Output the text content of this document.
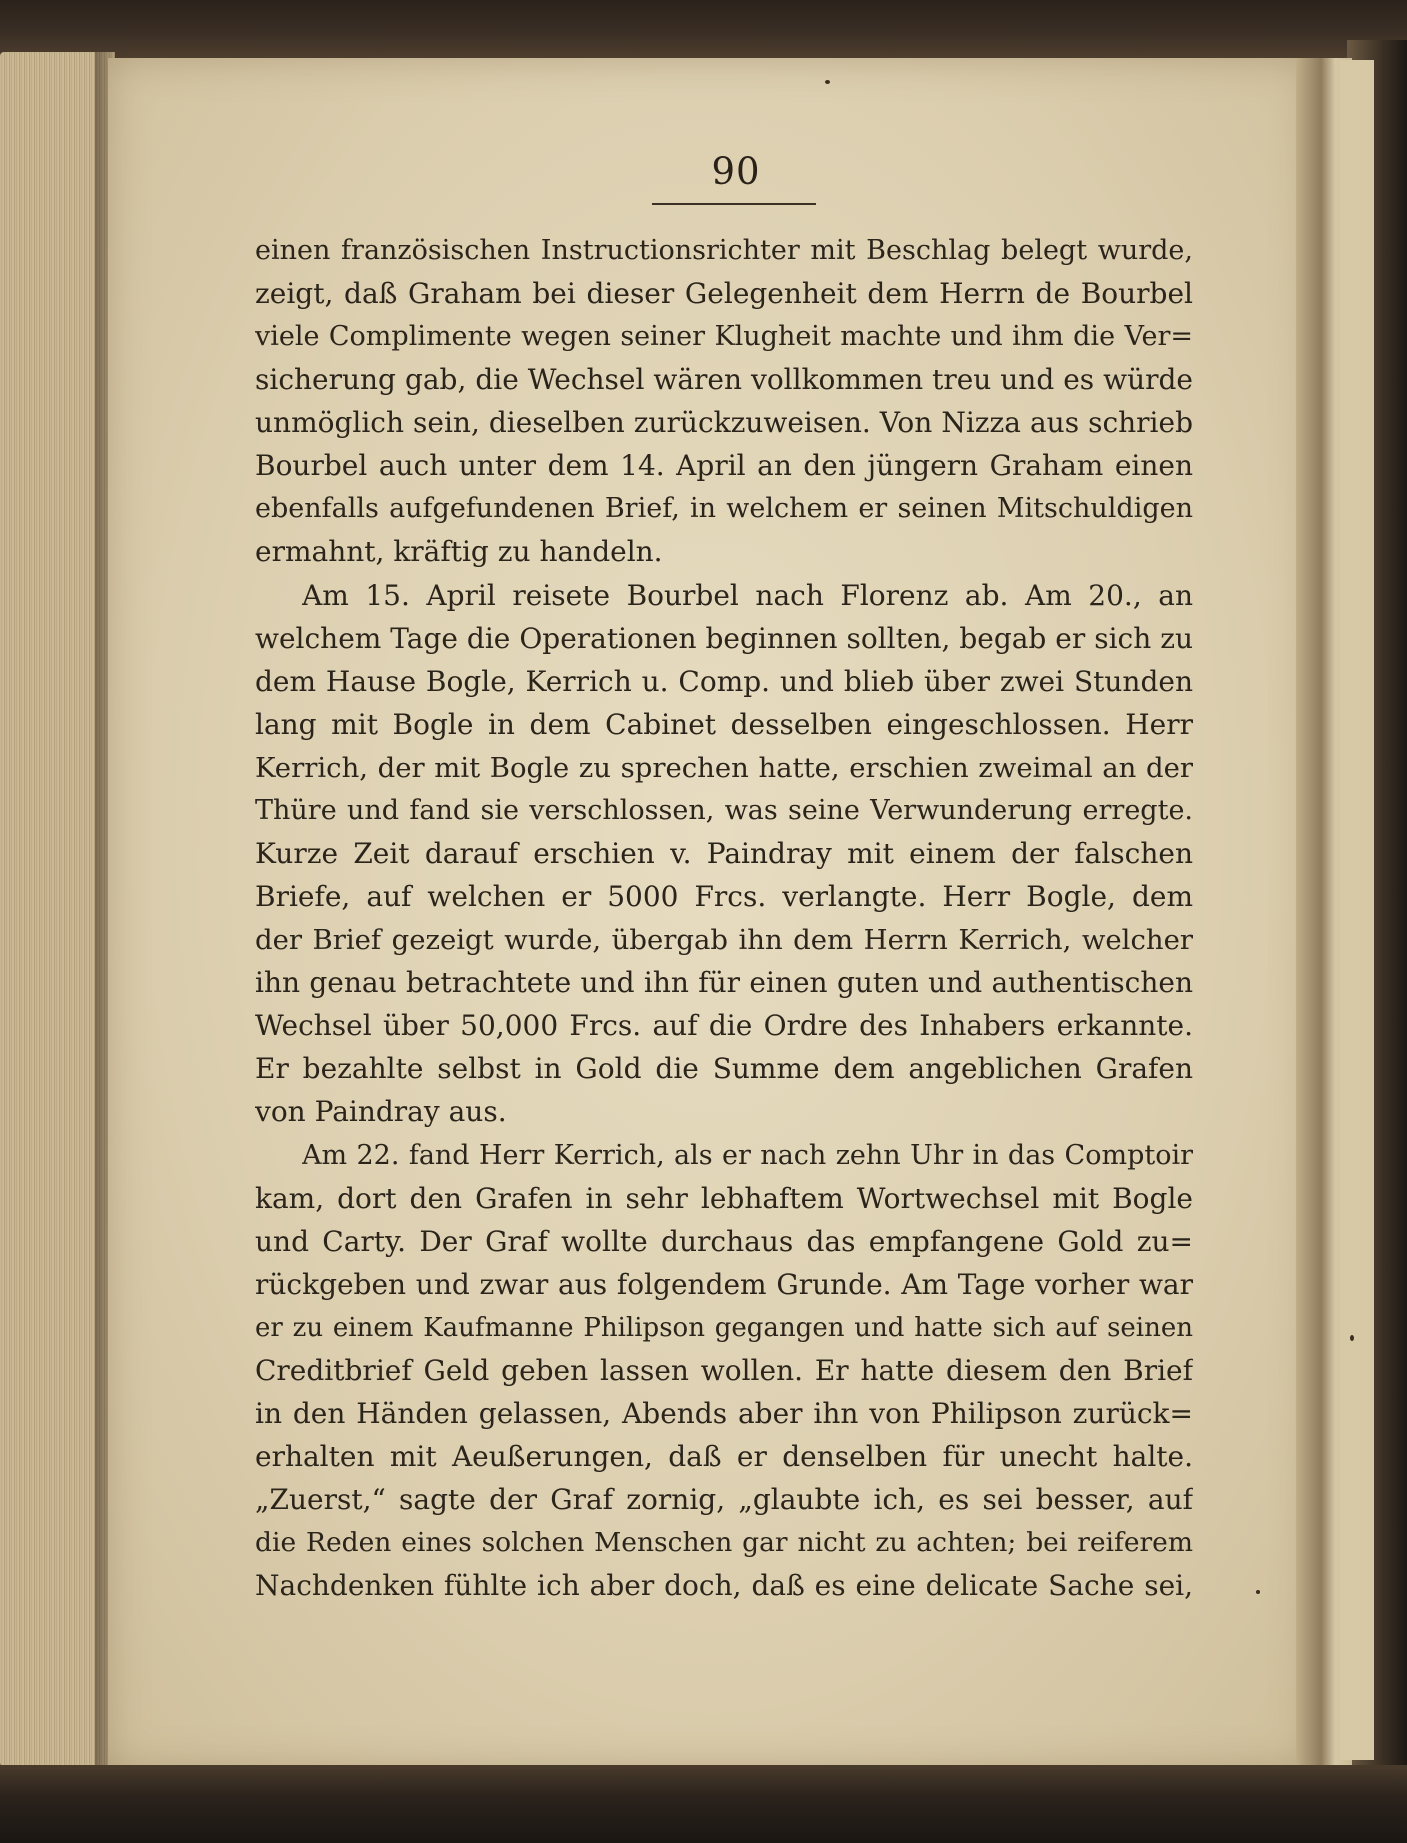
90
einen französischen Instructionsrichter mit Beschlag belegt wurde,
zeigt, daß Graham bei dieser Gelegenheit dem Herrn de Bourbel
viele Complimente wegen seiner Klugheit machte und ihm die Ver=
sicherung gab, die Wechsel wären vollkommen treu und es würde
unmöglich sein, dieselben zurückzuweisen. Von Nizza aus schrieb
Bourbel auch unter dem 14. April an den jüngern Graham einen
ebenfalls aufgefundenen Brief, in welchem er seinen Mitschuldigen
ermahnt, kräftig zu handeln.
Am 15. April reisete Bourbel nach Florenz ab. Am 20., an
welchem Tage die Operationen beginnen sollten, begab er sich zu
dem Hause Bogle, Kerrich u. Comp. und blieb über zwei Stunden
lang mit Bogle in dem Cabinet desselben eingeschlossen. Herr
Kerrich, der mit Bogle zu sprechen hatte, erschien zweimal an der
Thüre und fand sie verschlossen, was seine Verwunderung erregte.
Kurze Zeit darauf erschien v. Paindray mit einem der falschen
Briefe, auf welchen er 5000 Frcs. verlangte. Herr Bogle, dem
der Brief gezeigt wurde, übergab ihn dem Herrn Kerrich, welcher
ihn genau betrachtete und ihn für einen guten und authentischen
Wechsel über 50,000 Frcs. auf die Ordre des Inhabers erkannte.
Er bezahlte selbst in Gold die Summe dem angeblichen Grafen
von Paindray aus.
Am 22. fand Herr Kerrich, als er nach zehn Uhr in das Comptoir
kam, dort den Grafen in sehr lebhaftem Wortwechsel mit Bogle
und Carty. Der Graf wollte durchaus das empfangene Gold zu=
rückgeben und zwar aus folgendem Grunde. Am Tage vorher war
er zu einem Kaufmanne Philipson gegangen und hatte sich auf seinen
Creditbrief Geld geben lassen wollen. Er hatte diesem den Brief
in den Händen gelassen, Abends aber ihn von Philipson zurück=
erhalten mit Aeußerungen, daß er denselben für unecht halte.
„Zuerst,“ sagte der Graf zornig, „glaubte ich, es sei besser, auf
die Reden eines solchen Menschen gar nicht zu achten; bei reiferem
Nachdenken fühlte ich aber doch, daß es eine delicate Sache sei,
